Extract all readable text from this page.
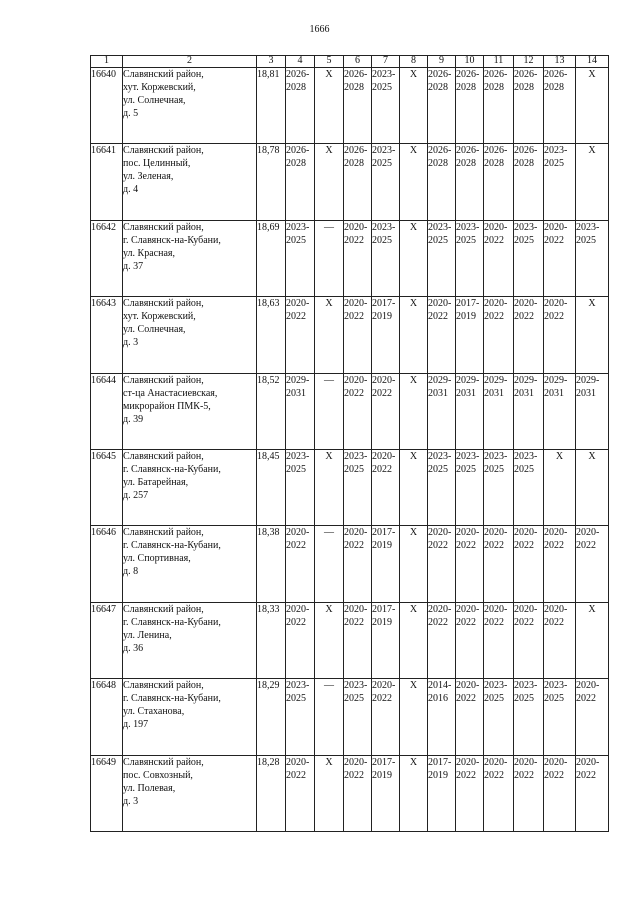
1666
1	2	3	4	5	6	7	8	9	10	11	12	13	14
16640	Славянский район,
хут. Коржевский,
ул. Солнечная,
д. 5	18,81	2026-
2028	Х	2026-
2028	2023-
2025	Х	2026-
2028	2026-
2028	2026-
2028	2026-
2028	2026-
2028	Х
16641	Славянский район,
пос. Целинный,
ул. Зеленая,
д. 4	18,78	2026-
2028	Х	2026-
2028	2023-
2025	Х	2026-
2028	2026-
2028	2026-
2028	2026-
2028	2023-
2025	Х
16642	Славянский район,
г. Славянск-на-Кубани,
ул. Красная,
д. 37	18,69	2023-
2025	—	2020-
2022	2023-
2025	Х	2023-
2025	2023-
2025	2020-
2022	2023-
2025	2020-
2022	2023-
2025

16643	Славянский район,
хут. Коржевский,
ул. Солнечная,
д. 3	18,63	2020-
2022	Х	2020-
2022	2017-
2019	Х	2020-
2022	2017-
2019	2020-
2022	2020-
2022	2020-
2022	Х
16644	Славянский район,
ст-ца Анастасиевская,
микрорайон ПМК-5,
д. 39	18,52	2029-
2031	—	2020-
2022	2020-
2022	Х	2029-
2031	2029-
2031	2029-
2031	2029-
2031	2029-
2031	2029-
2031

16645	Славянский район,
г. Славянск-на-Кубани,
ул. Батарейная,
д. 257	18,45	2023-
2025	Х	2023-
2025	2020-
2022	Х	2023-
2025	2023-
2025	2023-
2025	2023-
2025	Х	Х
16646	Славянский район,
г. Славянск-на-Кубани,
ул. Спортивная,
д. 8	18,38	2020-
2022	—	2020-
2022	2017-
2019	Х	2020-
2022	2020-
2022	2020-
2022	2020-
2022	2020-
2022	2020-
2022

16647	Славянский район,
г. Славянск-на-Кубани,
ул. Ленина,
д. 36	18,33	2020-
2022	Х	2020-
2022	2017-
2019	Х	2020-
2022	2020-
2022	2020-
2022	2020-
2022	2020-
2022	Х
16648	Славянский район,
г. Славянск-на-Кубани,
ул. Стаханова,
д. 197	18,29	2023-
2025	—	2023-
2025	2020-
2022	Х	2014-
2016	2020-
2022	2023-
2025	2023-
2025	2023-
2025	2020-
2022

16649	Славянский район,
пос. Совхозный,
ул. Полевая,
д. 3	18,28	2020-
2022	Х	2020-
2022	2017-
2019	Х	2017-
2019	2020-
2022	2020-
2022	2020-
2022	2020-
2022	2020-
2022
